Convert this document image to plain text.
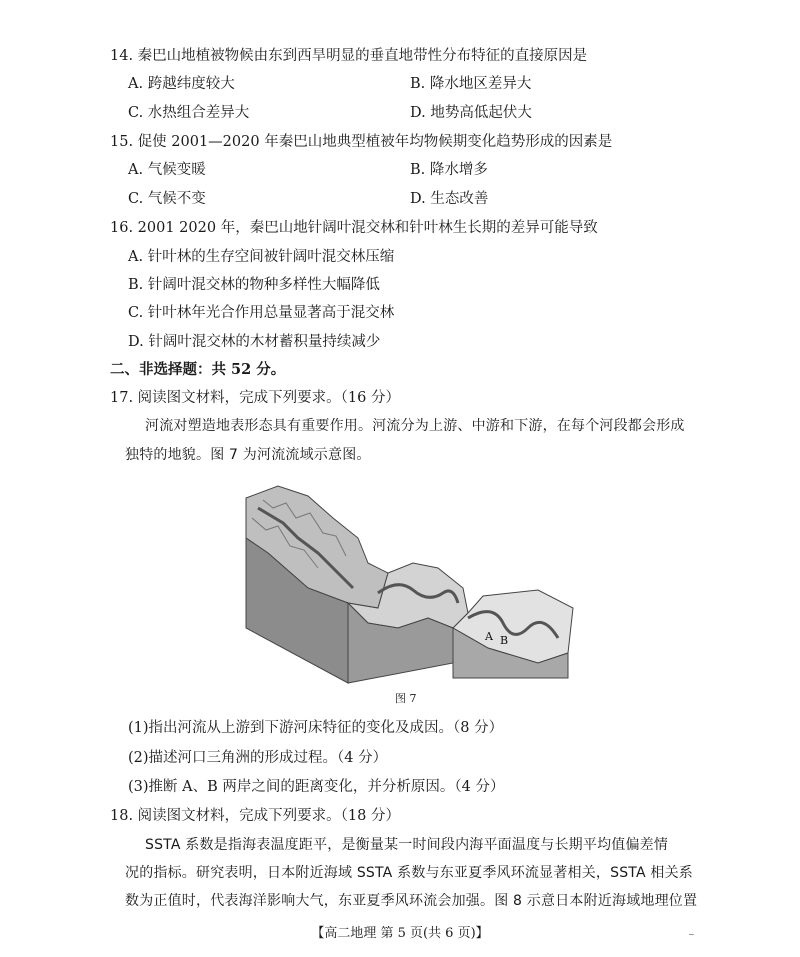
14. 秦巴山地植被物候由东到西旱明显的垂直地带性分布特征的直接原因是
A. 跨越纬度较大	B. 降水地区差异大
C. 水热组合差异大	D. 地势高低起伏大
15. 促使 2001—2020 年秦巴山地典型植被年均物候期变化趋势形成的因素是
A. 气候变暖	B. 降水增多
C. 气候不变	D. 生态改善
16. 2001 2020 年，秦巴山地针阔叶混交林和针叶林生长期的差异可能导致
A. 针叶林的生存空间被针阔叶混交林压缩
B. 针阔叶混交林的物种多样性大幅降低
C. 针叶林年光合作用总量显著高于混交林
D. 针阔叶混交林的木材蓄积量持续减少
二、非选择题：共 52 分。
17. 阅读图文材料，完成下列要求。（16 分）
河流对塑造地表形态具有重要作用。河流分为上游、中游和下游，在每个河段都会形成
独特的地貌。图 7 为河流流域示意图。
A B
图 7
(1)指出河流从上游到下游河床特征的变化及成因。（8 分）
(2)描述河口三角洲的形成过程。（4 分）
(3)推断 A、B 两岸之间的距离变化，并分析原因。（4 分）
18. 阅读图文材料，完成下列要求。（18 分）
SSTA 系数是指海表温度距平，是衡量某一时间段内海平面温度与长期平均值偏差情
况的指标。研究表明，日本附近海域 SSTA 系数与东亚夏季风环流显著相关，SSTA 相关系
数为正值时，代表海洋影响大气，东亚夏季风环流会加强。图 8 示意日本附近海域地理位置
【高二地理 第 5 页(共 6 页)】	~
